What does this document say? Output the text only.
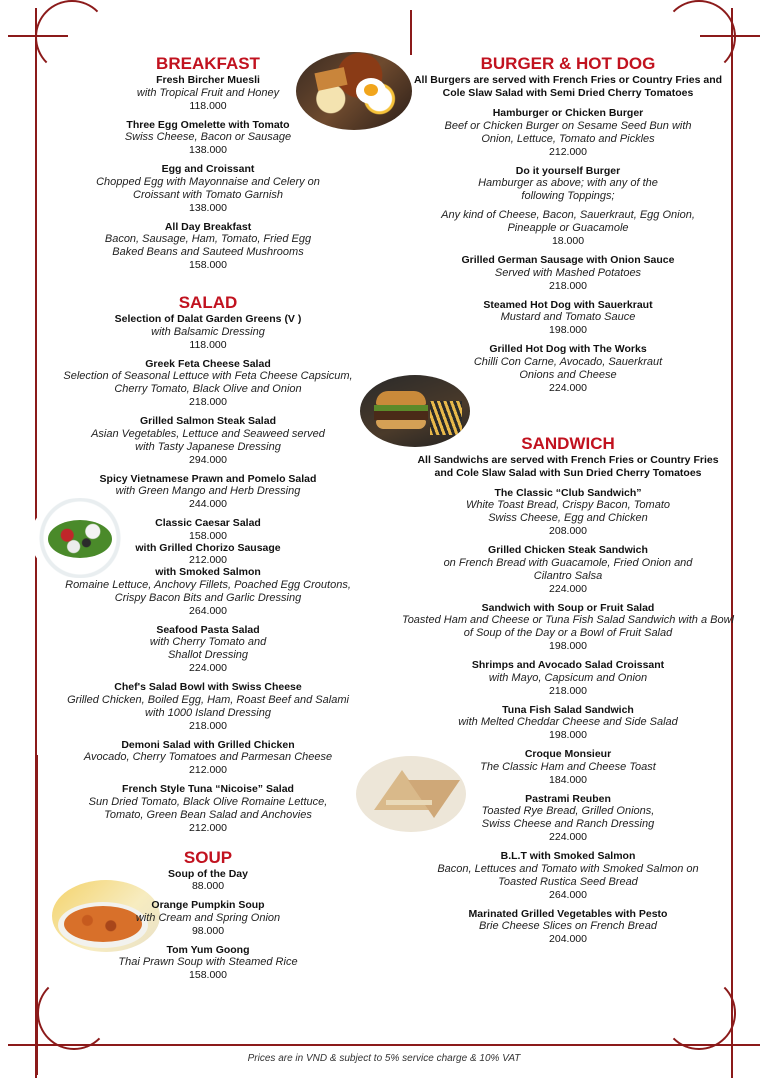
BREAKFAST
Fresh Bircher Muesli
with Tropical Fruit and Honey
118.000
Three Egg Omelette with Tomato
Swiss Cheese, Bacon or Sausage
138.000
Egg and Croissant
Chopped Egg with Mayonnaise and Celery on Croissant with Tomato Garnish
138.000
All Day Breakfast
Bacon, Sausage, Ham, Tomato, Fried Egg Baked Beans and Sauteed Mushrooms
158.000
SALAD
Selection of Dalat Garden Greens (V )
with Balsamic Dressing
118.000
Greek Feta Cheese Salad
Selection of Seasonal Lettuce with Feta Cheese Capsicum, Cherry Tomato, Black Olive and Onion
218.000
Grilled Salmon Steak Salad
Asian Vegetables, Lettuce and Seaweed served with Tasty Japanese Dressing
294.000
Spicy Vietnamese Prawn and Pomelo Salad
with Green Mango and Herb Dressing
244.000
Classic Caesar Salad
158.000
with Grilled Chorizo Sausage
212.000
with Smoked Salmon
Romaine Lettuce, Anchovy Fillets, Poached Egg Croutons, Crispy Bacon Bits and Garlic Dressing
264.000
Seafood Pasta Salad
with Cherry Tomato and Shallot Dressing
224.000
Chef's Salad Bowl with Swiss Cheese
Grilled Chicken, Boiled Egg, Ham, Roast Beef and Salami with 1000 Island Dressing
218.000
Demoni Salad with Grilled Chicken
Avocado, Cherry Tomatoes and Parmesan Cheese
212.000
French Style Tuna “Nicoise” Salad
Sun Dried Tomato, Black Olive Romaine Lettuce, Tomato, Green Bean Salad and Anchovies
212.000
SOUP
Soup of the Day
88.000
Orange Pumpkin Soup
with Cream and Spring Onion
98.000
Tom Yum Goong
Thai Prawn Soup with Steamed Rice
158.000
BURGER & HOT DOG
All Burgers are served with French Fries or Country Fries and Cole Slaw Salad with Semi Dried Cherry Tomatoes
Hamburger or Chicken Burger
Beef or Chicken Burger on Sesame Seed Bun with Onion, Lettuce, Tomato and Pickles
212.000
Do it yourself Burger
Hamburger as above; with any of the following Toppings;
Any kind of Cheese, Bacon, Sauerkraut, Egg Onion, Pineapple or Guacamole
18.000
Grilled German Sausage with Onion Sauce
Served with Mashed Potatoes
218.000
Steamed Hot Dog with Sauerkraut
Mustard and Tomato Sauce
198.000
Grilled Hot Dog with The Works
Chilli Con Carne, Avocado, Sauerkraut Onions and Cheese
224.000
SANDWICH
All Sandwichs are served with French Fries or Country Fries and Cole Slaw Salad with Sun Dried Cherry Tomatoes
The Classic “Club Sandwich”
White Toast Bread, Crispy Bacon, Tomato Swiss Cheese, Egg and Chicken
208.000
Grilled Chicken Steak Sandwich
on French Bread with Guacamole, Fried Onion and Cilantro Salsa
224.000
Sandwich with Soup or Fruit Salad
Toasted Ham and Cheese or Tuna Fish Salad Sandwich with a Bowl of Soup of the Day or a Bowl of Fruit Salad
198.000
Shrimps and Avocado Salad Croissant
with Mayo, Capsicum and Onion
218.000
Tuna Fish Salad Sandwich
with Melted Cheddar Cheese and Side Salad
198.000
Croque Monsieur
The Classic Ham and Cheese Toast
184.000
Pastrami Reuben
Toasted Rye Bread, Grilled Onions, Swiss Cheese and Ranch Dressing
224.000
B.L.T with Smoked Salmon
Bacon, Lettuces and Tomato with Smoked Salmon on Toasted Rustica Seed Bread
264.000
Marinated Grilled Vegetables with Pesto
Brie Cheese Slices on French Bread
204.000
Prices are in VND & subject to 5% service charge & 10% VAT
